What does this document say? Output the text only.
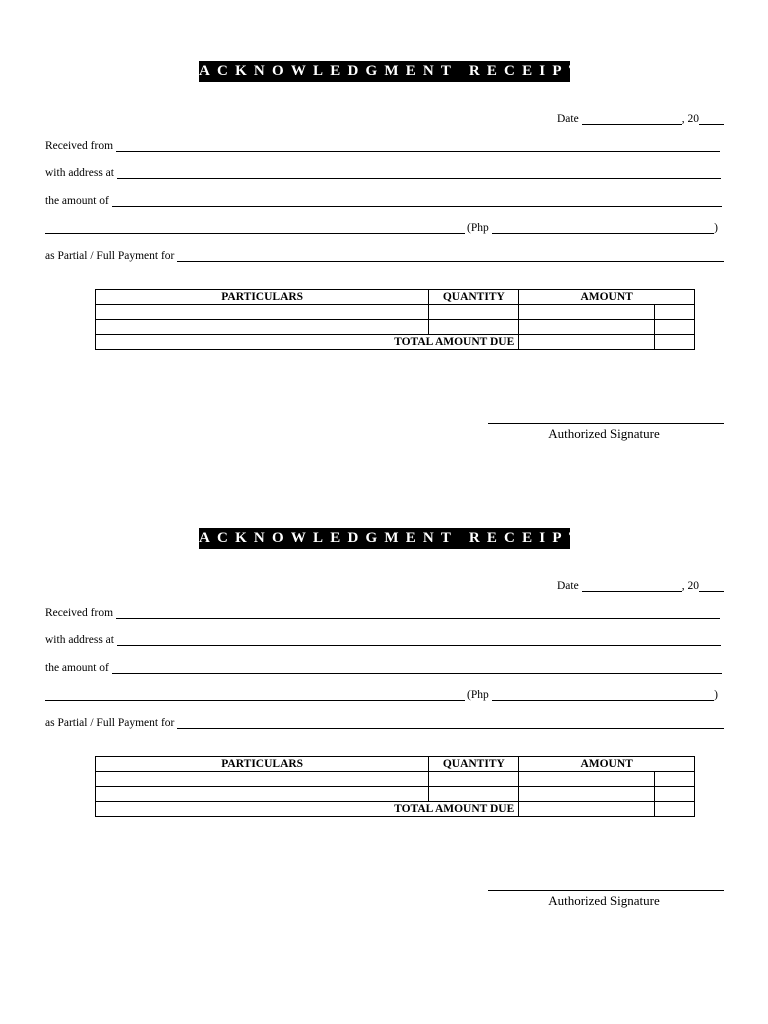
ACKNOWLEDGMENT RECEIPT
Date	, 20
Received from
with address at
the amount of
(Php	)
as Partial / Full Payment for
PARTICULARS	QUANTITY	AMOUNT	

TOTAL AMOUNT DUE			
Authorized Signature
ACKNOWLEDGMENT RECEIPT
Date	, 20
Received from
with address at
the amount of
(Php	)
as Partial / Full Payment for
PARTICULARS	QUANTITY	AMOUNT	

TOTAL AMOUNT DUE			
Authorized Signature
